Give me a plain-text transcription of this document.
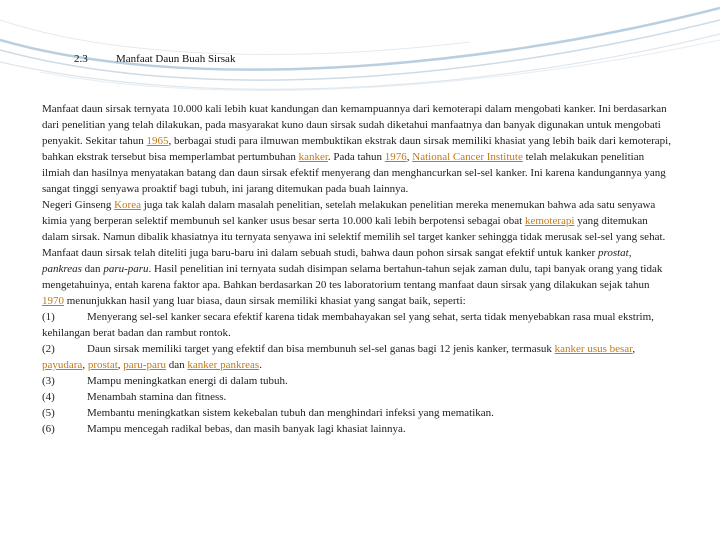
2.3	Manfaat Daun Buah Sirsak

Manfaat daun sirsak ternyata 10.000 kali lebih kuat kandungan dan kemampuannya dari kemoterapi dalam mengobati kanker. Ini berdasarkan dari penelitian yang telah dilakukan, pada masyarakat kuno daun sirsak sudah diketahui manfaatnya dan banyak digunakan untuk mengobati penyakit. Sekitar tahun 1965, berbagai studi para ilmuwan membuktikan ekstrak daun sirsak memiliki khasiat yang lebih baik dari kemoterapi, bahkan ekstrak tersebut bisa memperlambat pertumbuhan kanker. Pada tahun 1976, National Cancer Institute telah melakukan penelitian ilmiah dan hasilnya menyatakan batang dan daun sirsak efektif menyerang dan menghancurkan sel-sel kanker. Ini karena kandungannya yang sangat tinggi senyawa proaktif bagi tubuh, ini jarang ditemukan pada buah lainnya.

Negeri Ginseng Korea juga tak kalah dalam masalah penelitian, setelah melakukan penelitian mereka menemukan bahwa ada satu senyawa kimia yang berperan selektif membunuh sel kanker usus besar serta 10.000 kali lebih berpotensi sebagai obat kemoterapi yang ditemukan dalam sirsak. Namun dibalik khasiatnya itu ternyata senyawa ini selektif memilih sel target kanker sehingga tidak merusak sel-sel yang sehat.

Manfaat daun sirsak telah diteliti juga baru-baru ini dalam sebuah studi, bahwa daun pohon sirsak sangat efektif untuk kanker prostat, pankreas dan paru-paru. Hasil penelitian ini ternyata sudah disimpan selama bertahun-tahun sejak zaman dulu, tapi banyak orang yang tidak mengetahuinya, entah karena faktor apa. Bahkan berdasarkan 20 tes laboratorium tentang manfaat daun sirsak yang dilakukan sejak tahun 1970 menunjukkan hasil yang luar biasa, daun sirsak memiliki khasiat yang sangat baik, seperti:

(1)	Menyerang sel-sel kanker secara efektif karena tidak membahayakan sel yang sehat, serta tidak menyebabkan rasa mual ekstrim, kehilangan berat badan dan rambut rontok.
(2)	Daun sirsak memiliki target yang efektif dan bisa membunuh sel-sel ganas bagi 12 jenis kanker, termasuk kanker usus besar, payudara, prostat, paru-paru dan kanker pankreas.
(3)	Mampu meningkatkan energi di dalam tubuh.
(4)	Menambah stamina dan fitness.
(5)	Membantu meningkatkan sistem kekebalan tubuh dan menghindari infeksi yang mematikan.
(6)	Mampu mencegah radikal bebas, dan masih banyak lagi khasiat lainnya.
